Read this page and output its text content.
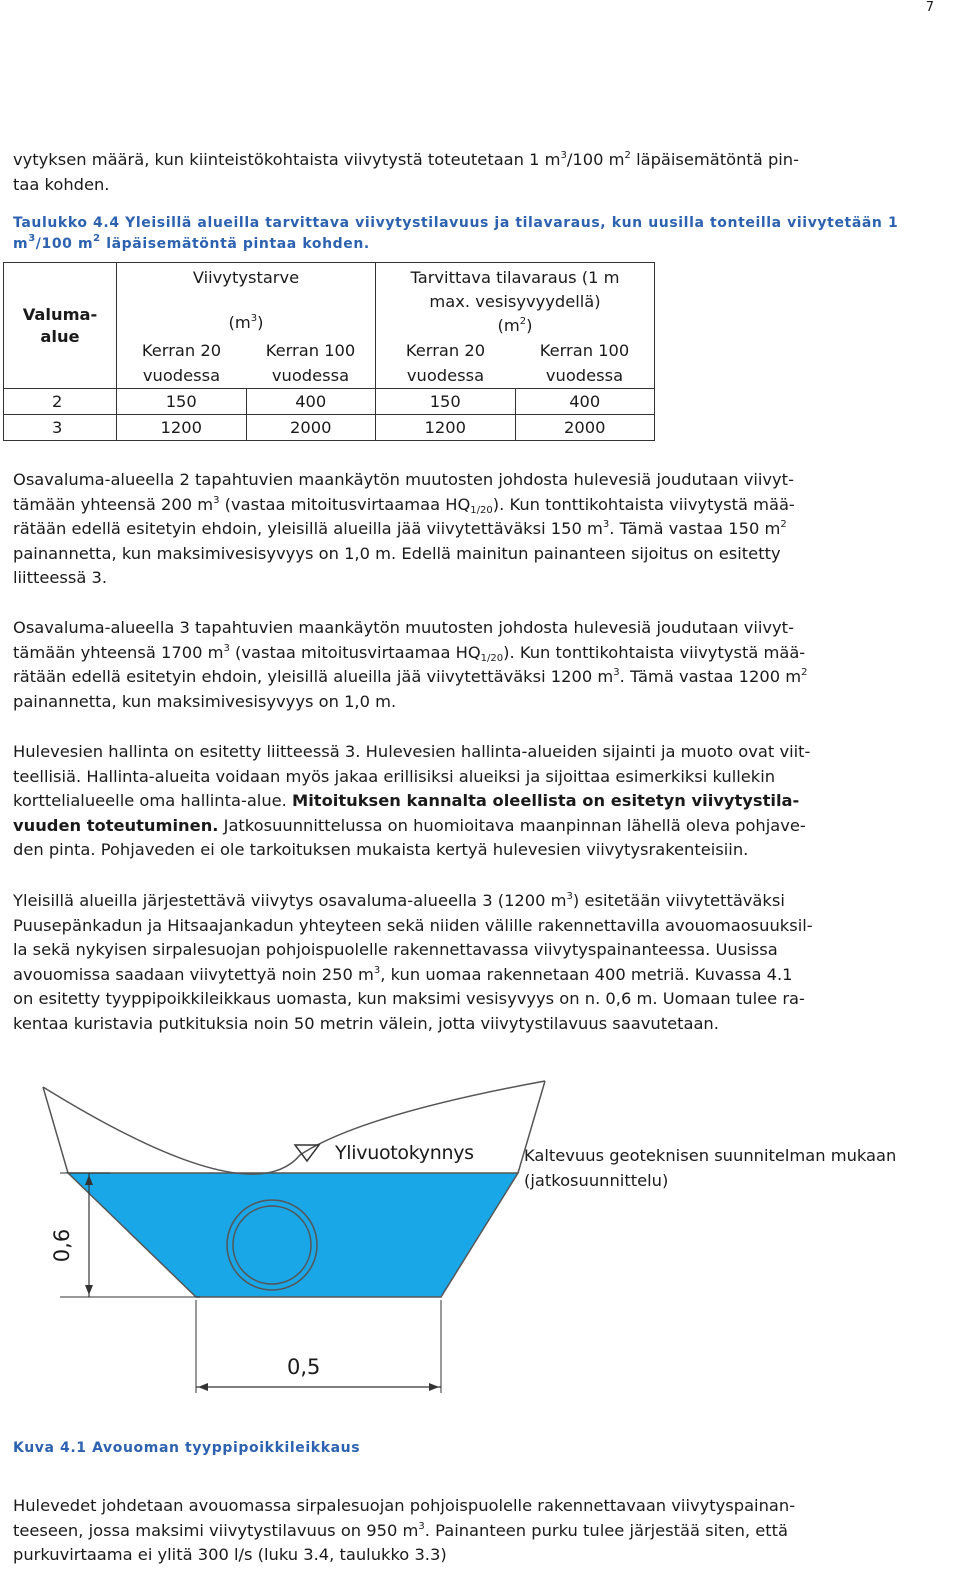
7

vytyksen määrä, kun kiinteistökohtaista viivytystä toteutetaan 1 $m^3/100$ $m^2$ läpäisemätöntä pin-
taa kohden.

Taulukko 4.4 Yleisillä alueilla tarvittava viivytystilavuus ja tilavaraus, kun uusilla tonteilla viivytetään 1
$m^3/100$ $m^2$ läpäisemätöntä pintaa kohden.

Valuma-
alue	Viivytystarve
$(m^3)$		Tarvittava tilavaraus (1 m
max. vesisyvyydellä)
$(m^2)$	

	Kerran 20
vuodessa	Kerran 100
vuodessa	Kerran 20
vuodessa	Kerran 100
vuodessa
2	150	400	150	400
3	1200	2000	1200	2000

Osavaluma-alueella 2 tapahtuvien maankäytön muutosten johdosta hulevesiä joudutaan viivyt-
tämään yhteensä 200 $m^3$ (vastaa mitoitusvirtaamaa $HQ_{1/20}$). Kun tonttikohtaista viivytystä mää-
rätään edellä esitetyin ehdoin, yleisillä alueilla jää viivytettäväksi 150 $m^3$. Tämä vastaa 150 $m^2$
painannetta, kun maksimivesisyvyys on 1,0 m. Edellä mainitun painanteen sijoitus on esitetty
liitteessä 3.

Osavaluma-alueella 3 tapahtuvien maankäytön muutosten johdosta hulevesiä joudutaan viivyt-
tämään yhteensä 1700 $m^3$ (vastaa mitoitusvirtaamaa $HQ_{1/20}$). Kun tonttikohtaista viivytystä mää-
rätään edellä esitetyin ehdoin, yleisillä alueilla jää viivytettäväksi 1200 $m^3$. Tämä vastaa 1200 $m^2$
painannetta, kun maksimivesisyvyys on 1,0 m.

Hulevesien hallinta on esitetty liitteessä 3. Hulevesien hallinta-alueiden sijainti ja muoto ovat viit-
teellisiä. Hallinta-alueita voidaan myös jakaa erillisiksi alueiksi ja sijoittaa esimerkiksi kullekin
korttelialueelle oma hallinta-alue. Mitoituksen kannalta oleellista on esitetyn viivytystila-
vuuden toteutuminen. Jatkosuunnittelussa on huomioitava maanpinnan lähellä oleva pohjave-
den pinta. Pohjaveden ei ole tarkoituksen mukaista kertyä hulevesien viivytysrakenteisiin.

Yleisillä alueilla järjestettävä viivytys osavaluma-alueella 3 (1200 $m^3$) esitetään viivytettäväksi
Puusepänkadun ja Hitsaajankadun yhteyteen sekä niiden välille rakennettavilla avouomaosuuksil-
la sekä nykyisen sirpalesuojan pohjoispuolelle rakennettavassa viivytyspainanteessa. Uusissa
avouomissa saadaan viivytettyä noin 250 $m^3$, kun uomaa rakennetaan 400 metriä. Kuvassa 4.1
on esitetty tyyppipoikkileikkaus uomasta, kun maksimi vesisyvyys on n. 0,6 m. Uomaan tulee ra-
kentaa kuristavia putkituksia noin 50 metrin välein, jotta viivytystilavuus saavutetaan.

Ylivuotokynnys	Kaltevuus geoteknisen suunnitelman mukaan
(jatkosuunnittelu)
0,6
0,5

Kuva 4.1 Avouoman tyyppipoikkileikkaus

Hulevedet johdetaan avouomassa sirpalesuojan pohjoispuolelle rakennettavaan viivytyspainan-
teeseen, jossa maksimi viivytystilavuus on 950 $m^3$. Painanteen purku tulee järjestää siten, että
purkuvirtaama ei ylitä 300 l/s (luku 3.4, taulukko 3.3)
